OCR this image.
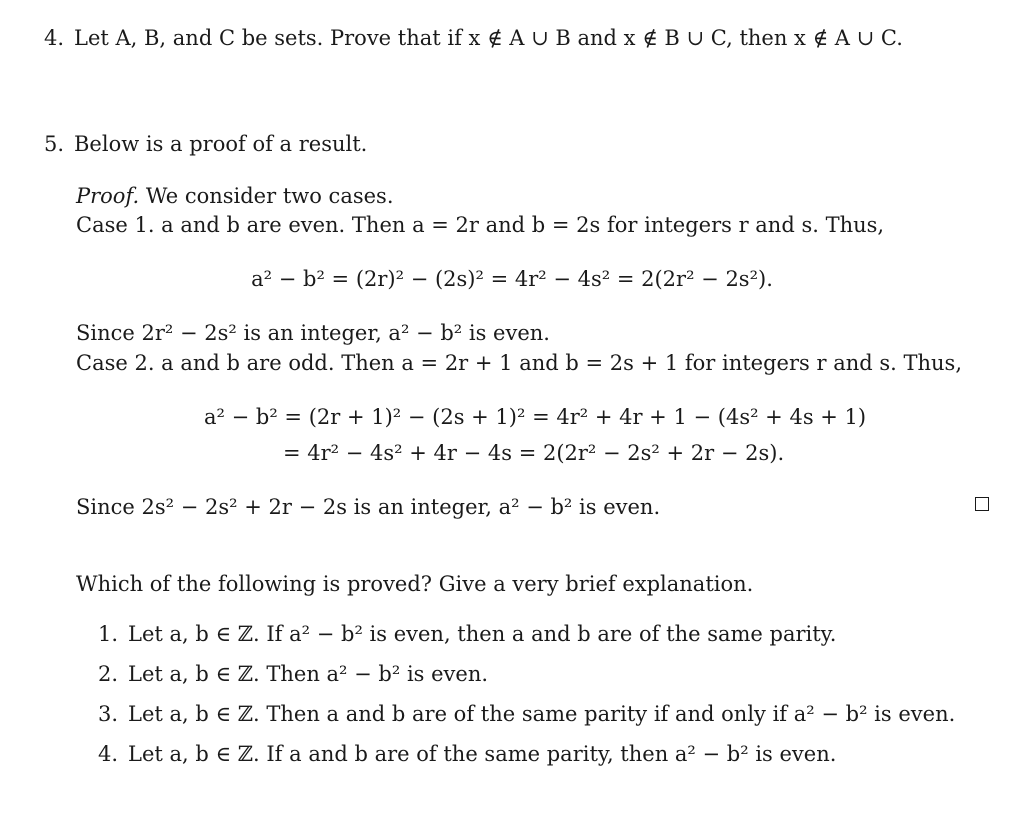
4. Let A, B, and C be sets. Prove that if x ∉ A ∪ B and x ∉ B ∪ C, then x ∉ A ∪ C.
5. Below is a proof of a result.
Proof. We consider two cases.
Case 1. a and b are even. Then a = 2r and b = 2s for integers r and s. Thus,
a² − b² = (2r)² − (2s)² = 4r² − 4s² = 2(2r² − 2s²).
Since 2r² − 2s² is an integer, a² − b² is even.
Case 2. a and b are odd. Then a = 2r + 1 and b = 2s + 1 for integers r and s. Thus,
a² − b² = (2r + 1)² − (2s + 1)² = 4r² + 4r + 1 − (4s² + 4s + 1)
= 4r² − 4s² + 4r − 4s = 2(2r² − 2s² + 2r − 2s).
Since 2s² − 2s² + 2r − 2s is an integer, a² − b² is even.
Which of the following is proved? Give a very brief explanation.
1. Let a, b ∈ ℤ. If a² − b² is even, then a and b are of the same parity.
2. Let a, b ∈ ℤ. Then a² − b² is even.
3. Let a, b ∈ ℤ. Then a and b are of the same parity if and only if a² − b² is even.
4. Let a, b ∈ ℤ. If a and b are of the same parity, then a² − b² is even.
